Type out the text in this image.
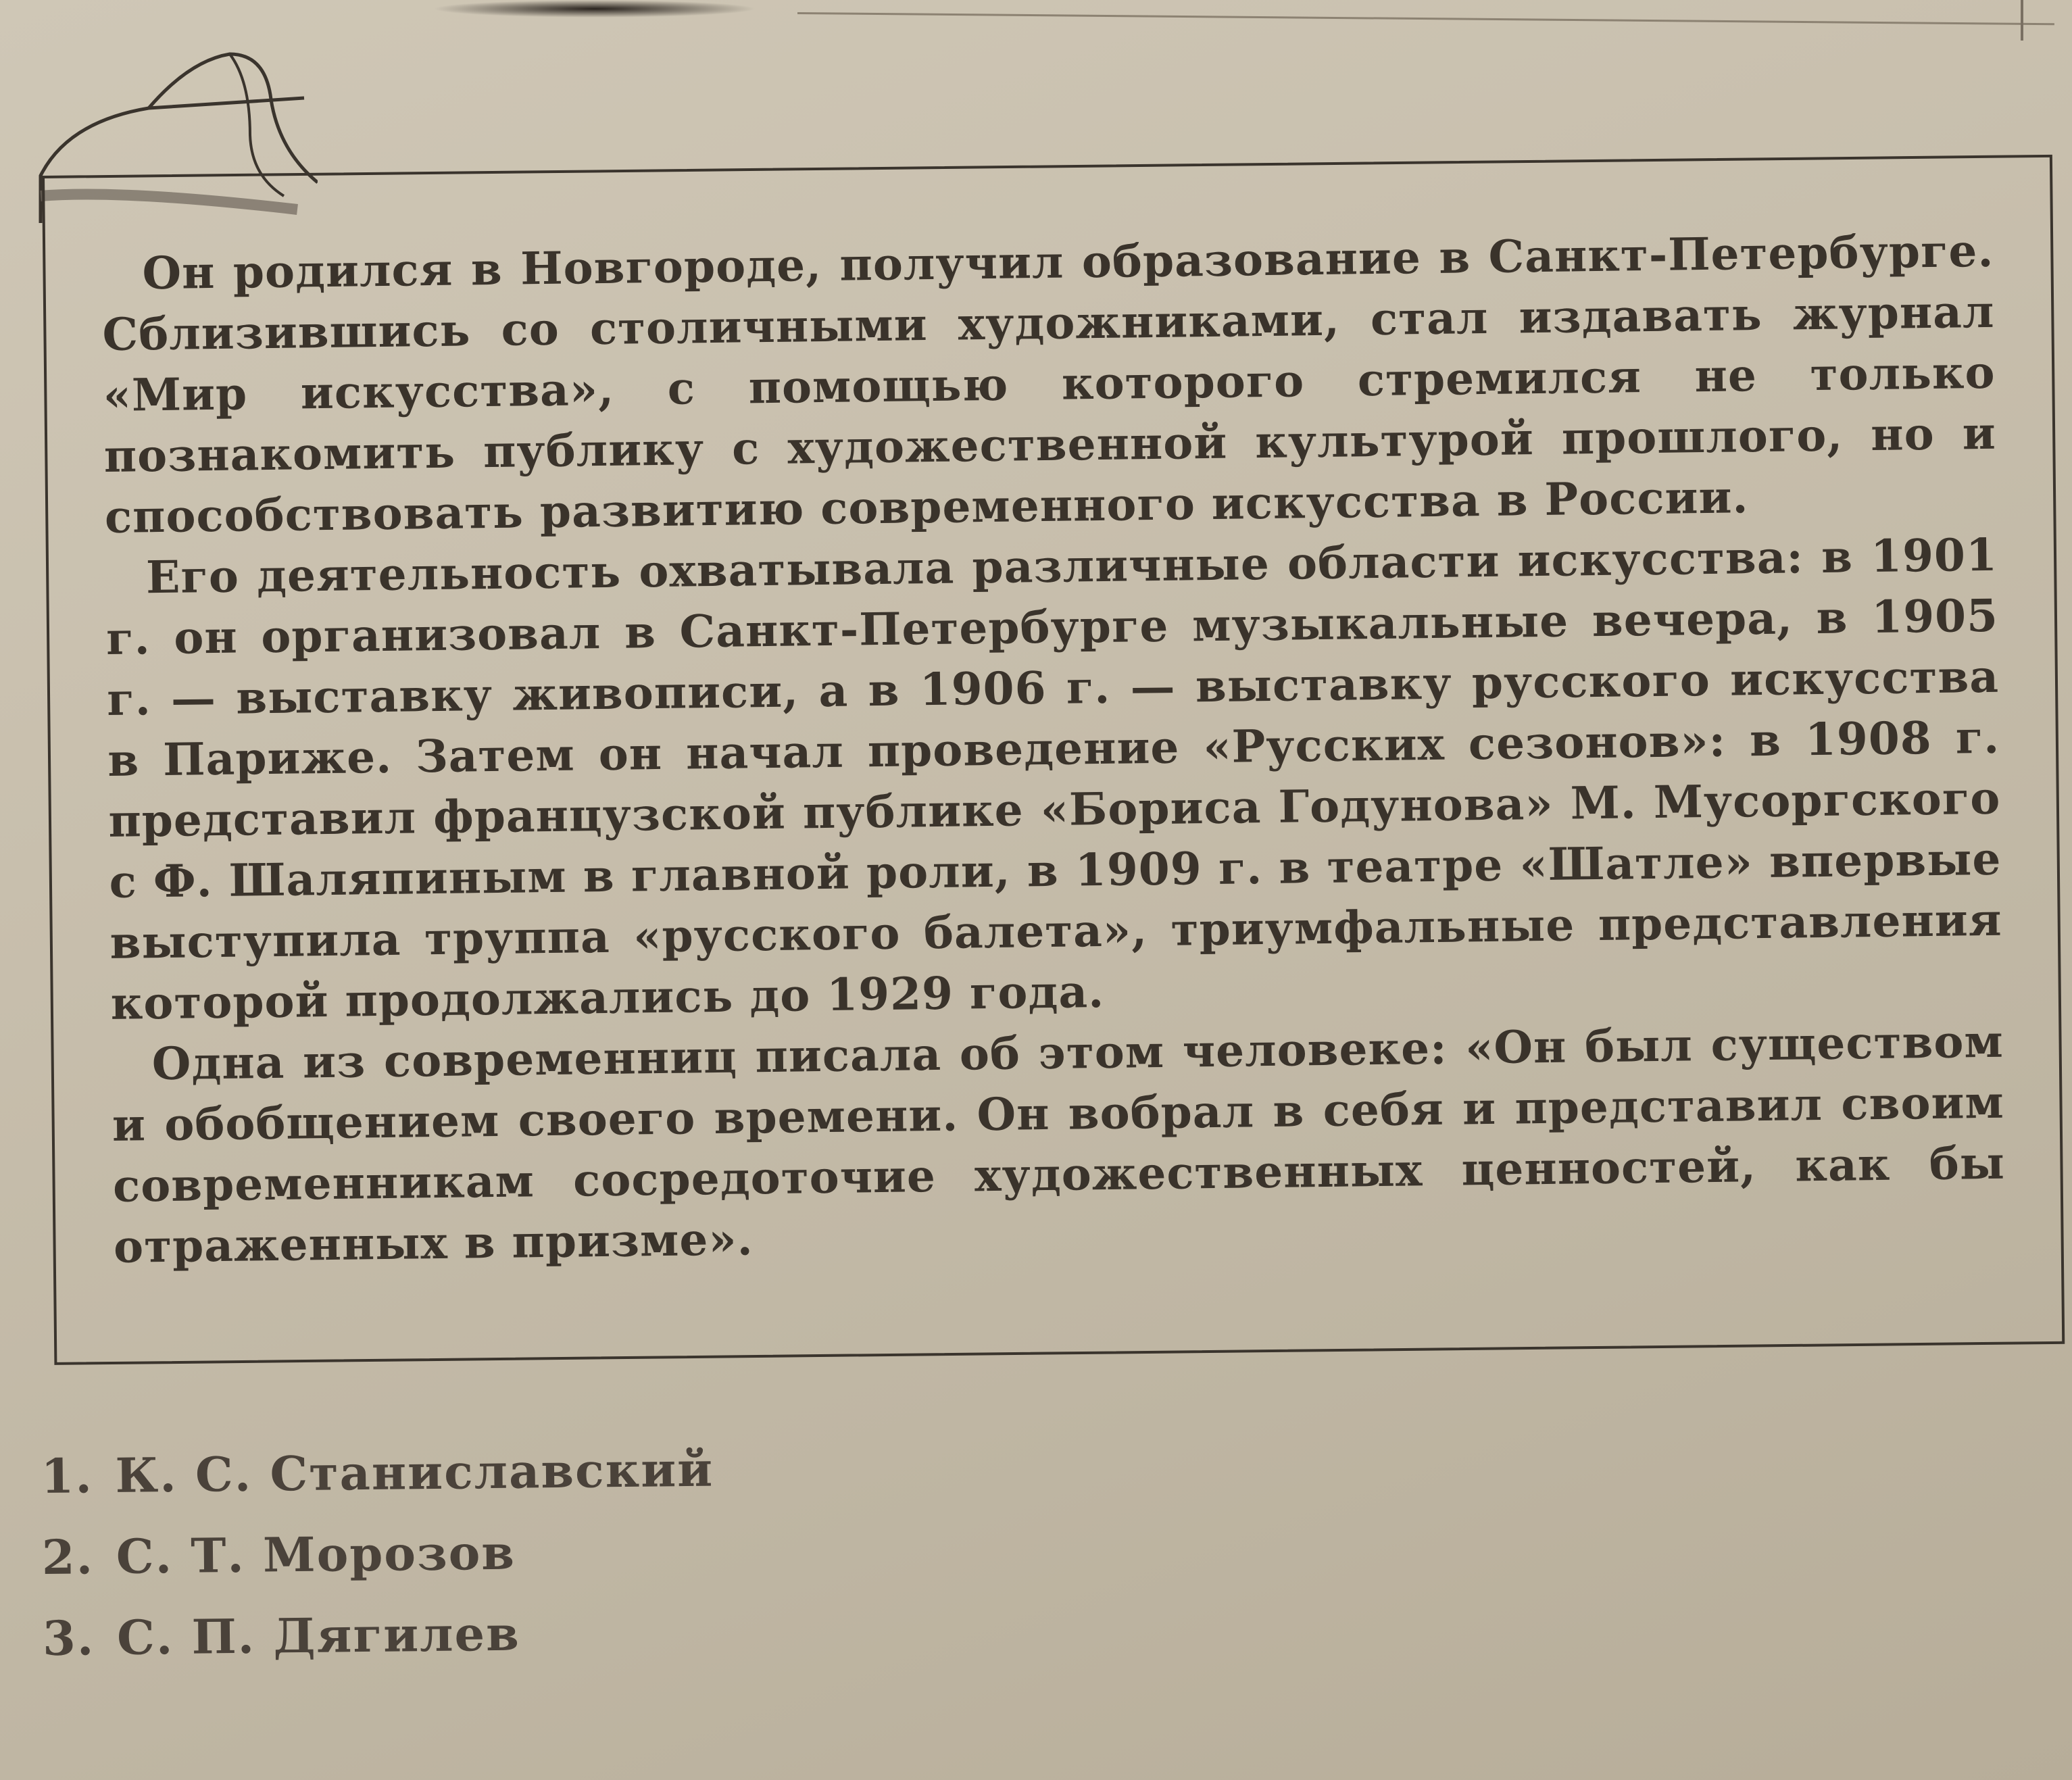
Он родился в Новгороде, получил образование в Санкт-Петербурге. Сблизившись со столичными художниками, стал издавать журнал «Мир искусства», с помощью которого стремился не только познакомить публику с художественной культурой прошлого, но и способствовать развитию современного искусства в России.

Его деятельность охватывала различные области искусства: в 1901 г. он организовал в Санкт-Петербурге музыкальные вечера, в 1905 г. — выставку живописи, а в 1906 г. — выставку русского искусства в Париже. Затем он начал проведение «Русских сезонов»: в 1908 г. представил французской публике «Бориса Годунова» М. Мусоргского с Ф. Шаляпиным в главной роли, в 1909 г. в театре «Шатле» впервые выступила труппа «русского балета», триумфальные представления которой продолжались до 1929 года.

Одна из современниц писала об этом человеке: «Он был существом и обобщением своего времени. Он вобрал в себя и представил своим современникам сосредоточие художественных ценностей, как бы отраженных в призме».

1. К. С. Станиславский
2. С. Т. Морозов
3. С. П. Дягилев
